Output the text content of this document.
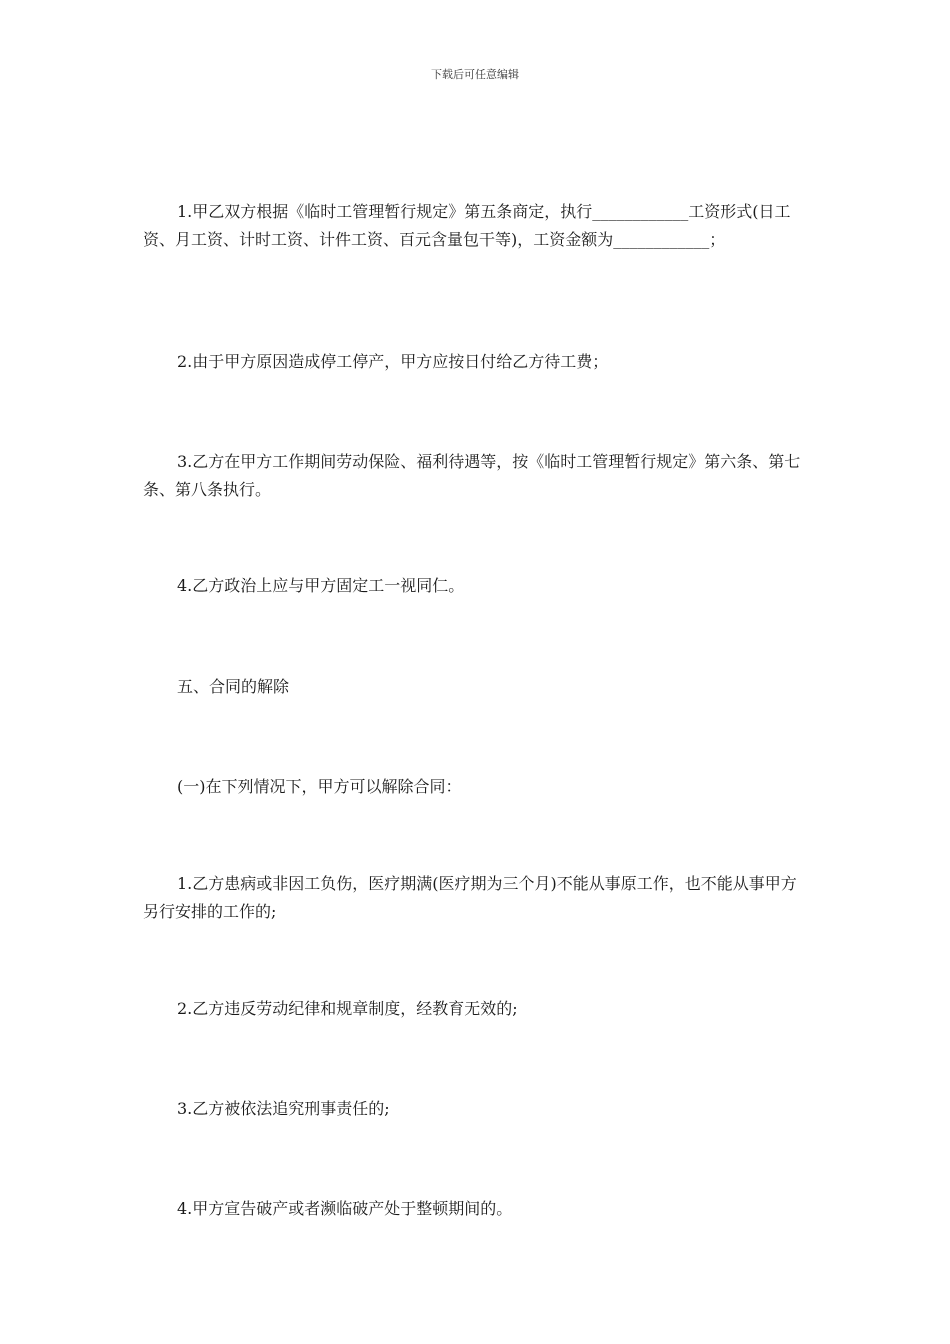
下载后可任意编辑

1.甲乙双方根据《临时工管理暂行规定》第五条商定，执行____________工资形式(日工资、月工资、计时工资、计件工资、百元含量包干等)，工资金额为____________；

2.由于甲方原因造成停工停产，甲方应按日付给乙方待工费；

3.乙方在甲方工作期间劳动保险、福利待遇等，按《临时工管理暂行规定》第六条、第七条、第八条执行。

4.乙方政治上应与甲方固定工一视同仁。

五、合同的解除

(一)在下列情况下，甲方可以解除合同：

1.乙方患病或非因工负伤，医疗期满(医疗期为三个月)不能从事原工作，也不能从事甲方另行安排的工作的;

2.乙方违反劳动纪律和规章制度，经教育无效的;

3.乙方被依法追究刑事责任的;

4.甲方宣告破产或者濒临破产处于整顿期间的。
